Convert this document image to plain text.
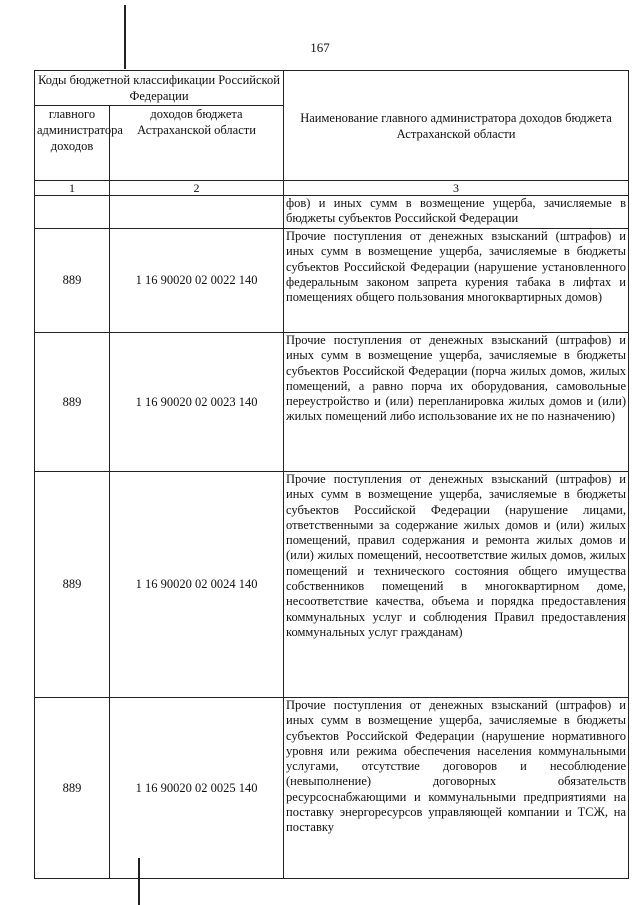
167
Коды бюджетной классификации Российской Федерации		Наименование главного администратора доходов бюджета Астраханской области
главного администратора доходов	доходов бюджета Астраханской области	
1	2	3
		фов) и иных сумм в возмещение ущерба, зачисляемые в бюджеты субъектов Российской Федерации
889	1 16 90020 02 0022 140	Прочие поступления от денежных взысканий (штрафов) и иных сумм в возмещение ущерба, зачисляемые в бюджеты субъектов Российской Федерации (нарушение установленного федеральным законом запрета курения табака в лифтах и помещениях общего пользования многоквартирных домов)
889	1 16 90020 02 0023 140	Прочие поступления от денежных взысканий (штрафов) и иных сумм в возмещение ущерба, зачисляемые в бюджеты субъектов Российской Федерации (порча жилых домов, жилых помещений, а равно порча их оборудования, самовольные переустройство и (или) перепланировка жилых домов и (или) жилых помещений либо использование их не по назначению)
889	1 16 90020 02 0024 140	Прочие поступления от денежных взысканий (штрафов) и иных сумм в возмещение ущерба, зачисляемые в бюджеты субъектов Российской Федерации (нарушение лицами, ответственными за содержание жилых домов и (или) жилых помещений, правил содержания и ремонта жилых домов и (или) жилых помещений, несоответствие жилых домов, жилых помещений и технического состояния общего имущества собственников помещений в многоквартирном доме, несоответствие качества, объема и порядка предоставления коммунальных услуг и соблюдения Правил предоставления коммунальных услуг гражданам)
889	1 16 90020 02 0025 140	Прочие поступления от денежных взысканий (штрафов) и иных сумм в возмещение ущерба, зачисляемые в бюджеты субъектов Российской Федерации (нарушение нормативного уровня или режима обеспечения населения коммунальными услугами, отсутствие договоров и несоблюдение (невыполнение) договорных обязательств ресурсоснабжающими и коммунальными предприятиями на поставку энергоресурсов управляющей компании и ТСЖ, на поставку
